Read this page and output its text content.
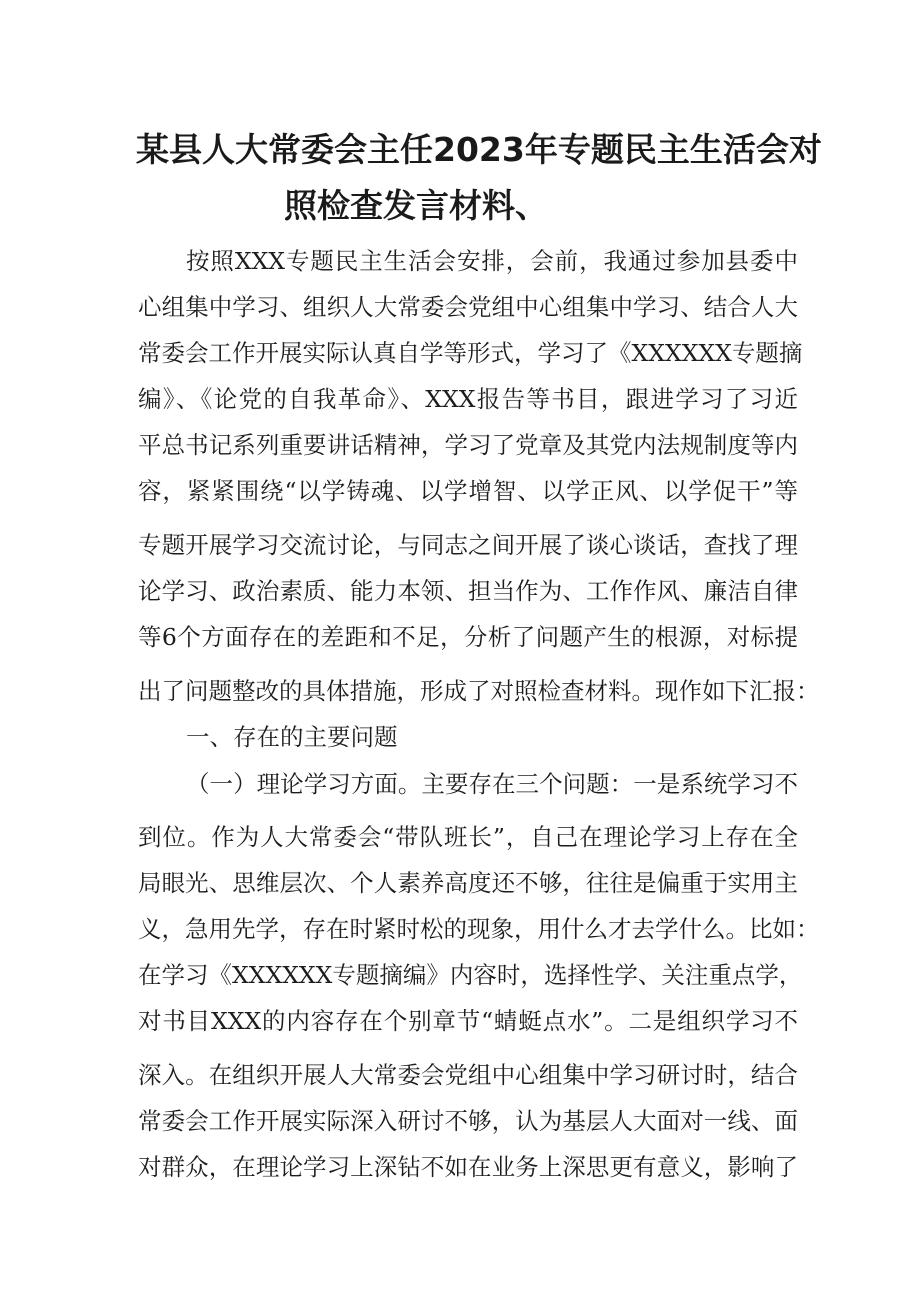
某县人大常委会主任2023年专题民主生活会对
照检查发言材料、
按照XXX专题民主生活会安排，会前，我通过参加县委中
心组集中学习、组织人大常委会党组中心组集中学习、结合人大
常委会工作开展实际认真自学等形式，学习了《XXXXXX专题摘
编》、《论党的自我革命》、XXX报告等书目，跟进学习了习近
平总书记系列重要讲话精神，学习了党章及其党内法规制度等内
容，紧紧围绕“以学铸魂、以学增智、以学正风、以学促干”等
专题开展学习交流讨论，与同志之间开展了谈心谈话，查找了理
论学习、政治素质、能力本领、担当作为、工作作风、廉洁自律
等6个方面存在的差距和不足，分析了问题产生的根源，对标提
出了问题整改的具体措施，形成了对照检查材料。现作如下汇报：
一、存在的主要问题
（一）理论学习方面。主要存在三个问题：一是系统学习不
到位。作为人大常委会“带队班长”，自己在理论学习上存在全
局眼光、思维层次、个人素养高度还不够，往往是偏重于实用主
义，急用先学，存在时紧时松的现象，用什么才去学什么。比如：
在学习《XXXXXX专题摘编》内容时，选择性学、关注重点学，
对书目XXX的内容存在个别章节“蜻蜓点水”。二是组织学习不
深入。在组织开展人大常委会党组中心组集中学习研讨时，结合
常委会工作开展实际深入研讨不够，认为基层人大面对一线、面
对群众，在理论学习上深钻不如在业务上深思更有意义，影响了
